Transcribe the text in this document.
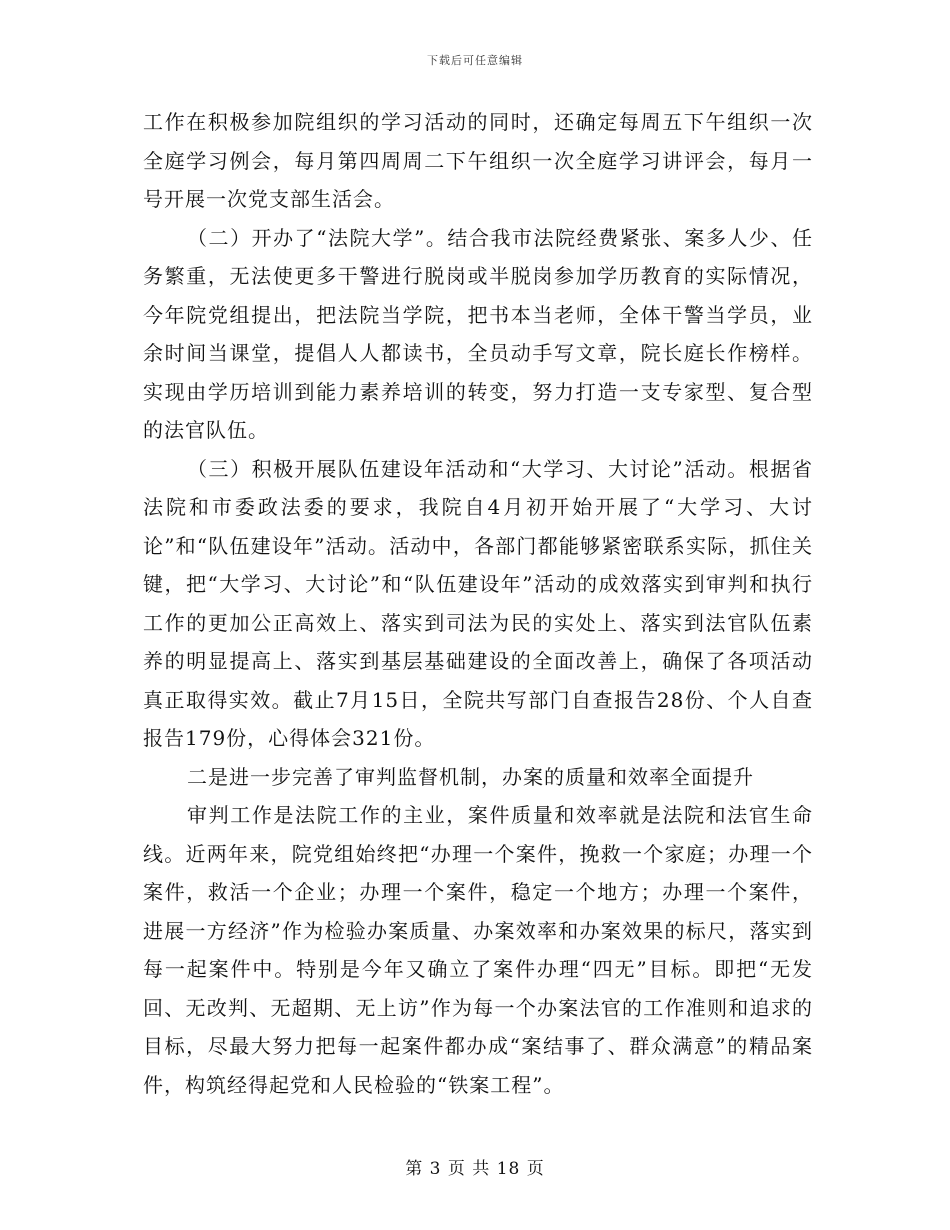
下载后可任意编辑

工作在积极参加院组织的学习活动的同时，还确定每周五下午组织一次全庭学习例会，每月第四周周二下午组织一次全庭学习讲评会，每月一号开展一次党支部生活会。

（二）开办了“法院大学”。结合我市法院经费紧张、案多人少、任务繁重，无法使更多干警进行脱岗或半脱岗参加学历教育的实际情况，今年院党组提出，把法院当学院，把书本当老师，全体干警当学员，业余时间当课堂，提倡人人都读书，全员动手写文章，院长庭长作榜样。实现由学历培训到能力素养培训的转变，努力打造一支专家型、复合型的法官队伍。

（三）积极开展队伍建设年活动和“大学习、大讨论”活动。根据省法院和市委政法委的要求，我院自4月初开始开展了“大学习、大讨论”和“队伍建设年”活动。活动中，各部门都能够紧密联系实际，抓住关键，把“大学习、大讨论”和“队伍建设年”活动的成效落实到审判和执行工作的更加公正高效上、落实到司法为民的实处上、落实到法官队伍素养的明显提高上、落实到基层基础建设的全面改善上，确保了各项活动真正取得实效。截止7月15日，全院共写部门自查报告28份、个人自查报告179份，心得体会321份。

二是进一步完善了审判监督机制，办案的质量和效率全面提升

审判工作是法院工作的主业，案件质量和效率就是法院和法官生命线。近两年来，院党组始终把“办理一个案件，挽救一个家庭；办理一个案件，救活一个企业；办理一个案件，稳定一个地方；办理一个案件，进展一方经济”作为检验办案质量、办案效率和办案效果的标尺，落实到每一起案件中。特别是今年又确立了案件办理“四无”目标。即把“无发回、无改判、无超期、无上访”作为每一个办案法官的工作准则和追求的目标，尽最大努力把每一起案件都办成“案结事了、群众满意”的精品案件，构筑经得起党和人民检验的“铁案工程”。

第 3 页 共 18 页
